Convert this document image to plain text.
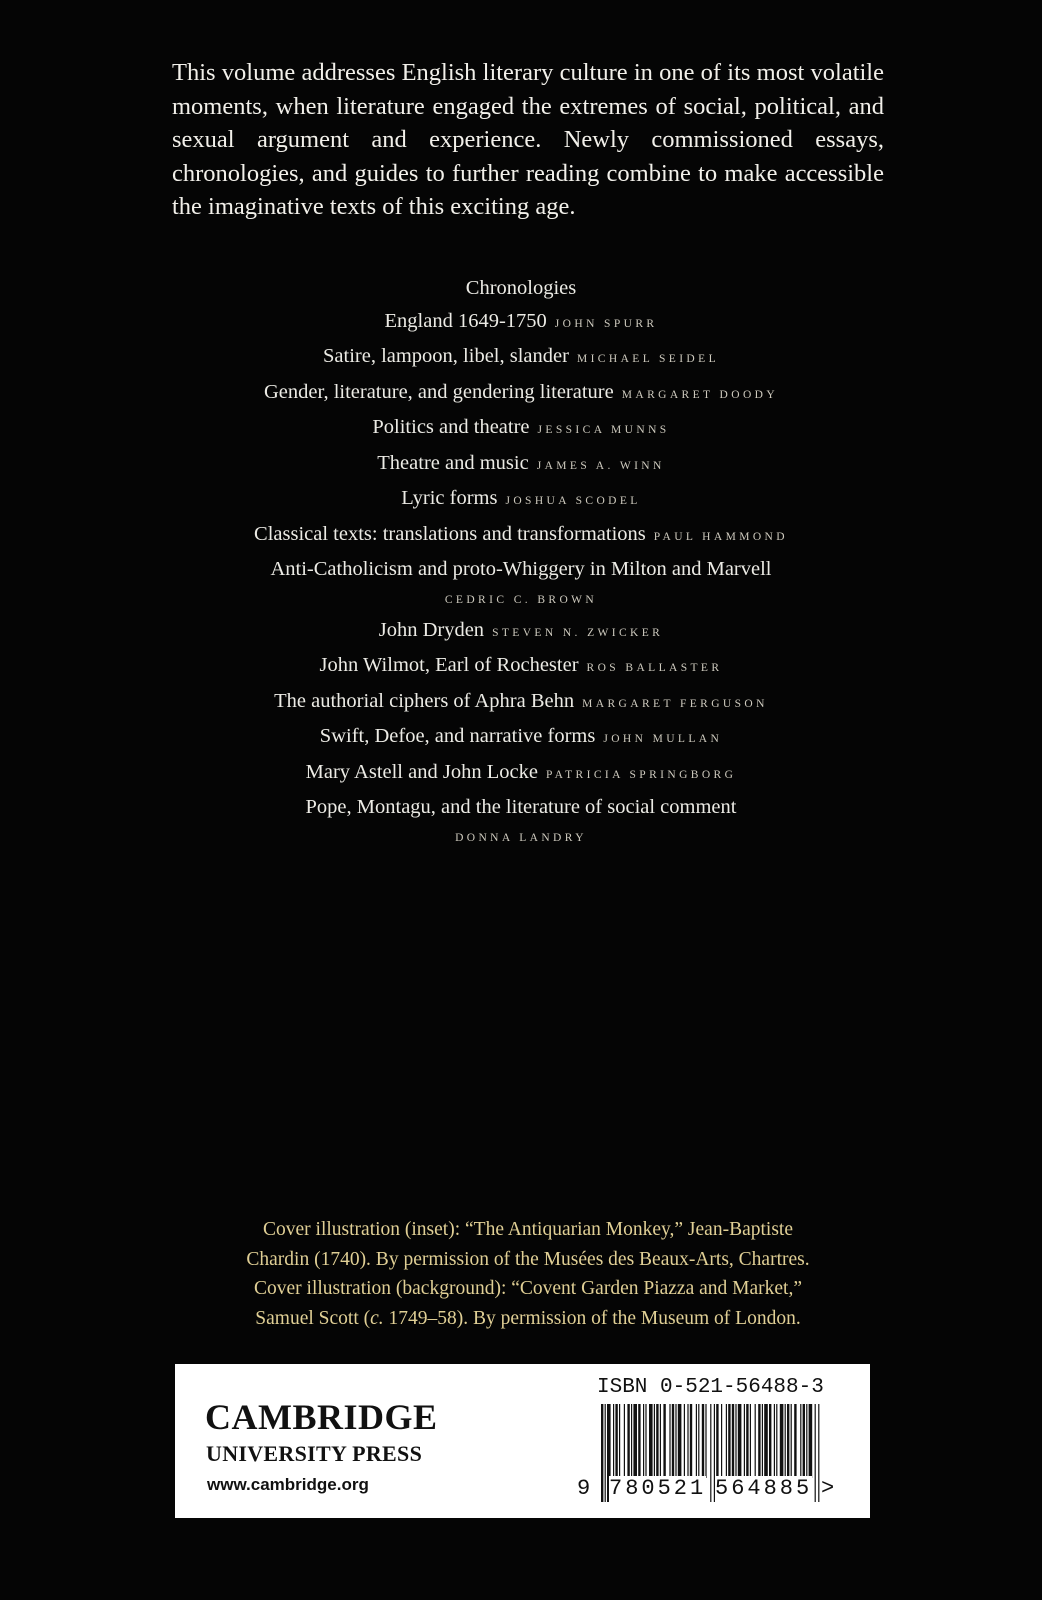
This volume addresses English literary culture in one of its most volatile moments, when literature engaged the extremes of social, political, and sexual argument and experience. Newly commissioned essays, chronologies, and guides to further reading combine to make accessible the imaginative texts of this exciting age.

Chronologies
England 1649-1750 JOHN SPURR
Satire, lampoon, libel, slander MICHAEL SEIDEL
Gender, literature, and gendering literature MARGARET DOODY
Politics and theatre JESSICA MUNNS
Theatre and music JAMES A. WINN
Lyric forms JOSHUA SCODEL
Classical texts: translations and transformations PAUL HAMMOND
Anti-Catholicism and proto-Whiggery in Milton and Marvell
CEDRIC C. BROWN
John Dryden STEVEN N. ZWICKER
John Wilmot, Earl of Rochester ROS BALLASTER
The authorial ciphers of Aphra Behn MARGARET FERGUSON
Swift, Defoe, and narrative forms JOHN MULLAN
Mary Astell and John Locke PATRICIA SPRINGBORG
Pope, Montagu, and the literature of social comment
DONNA LANDRY
Cover illustration (inset): “The Antiquarian Monkey,” Jean-Baptiste
Chardin (1740). By permission of the Musées des Beaux-Arts, Chartres.
Cover illustration (background): “Covent Garden Piazza and Market,”
Samuel Scott (c. 1749–58). By permission of the Museum of London.
CAMBRIDGE
UNIVERSITY PRESS
www.cambridge.org
ISBN 0-521-56488-3
9 780521 564885 >
